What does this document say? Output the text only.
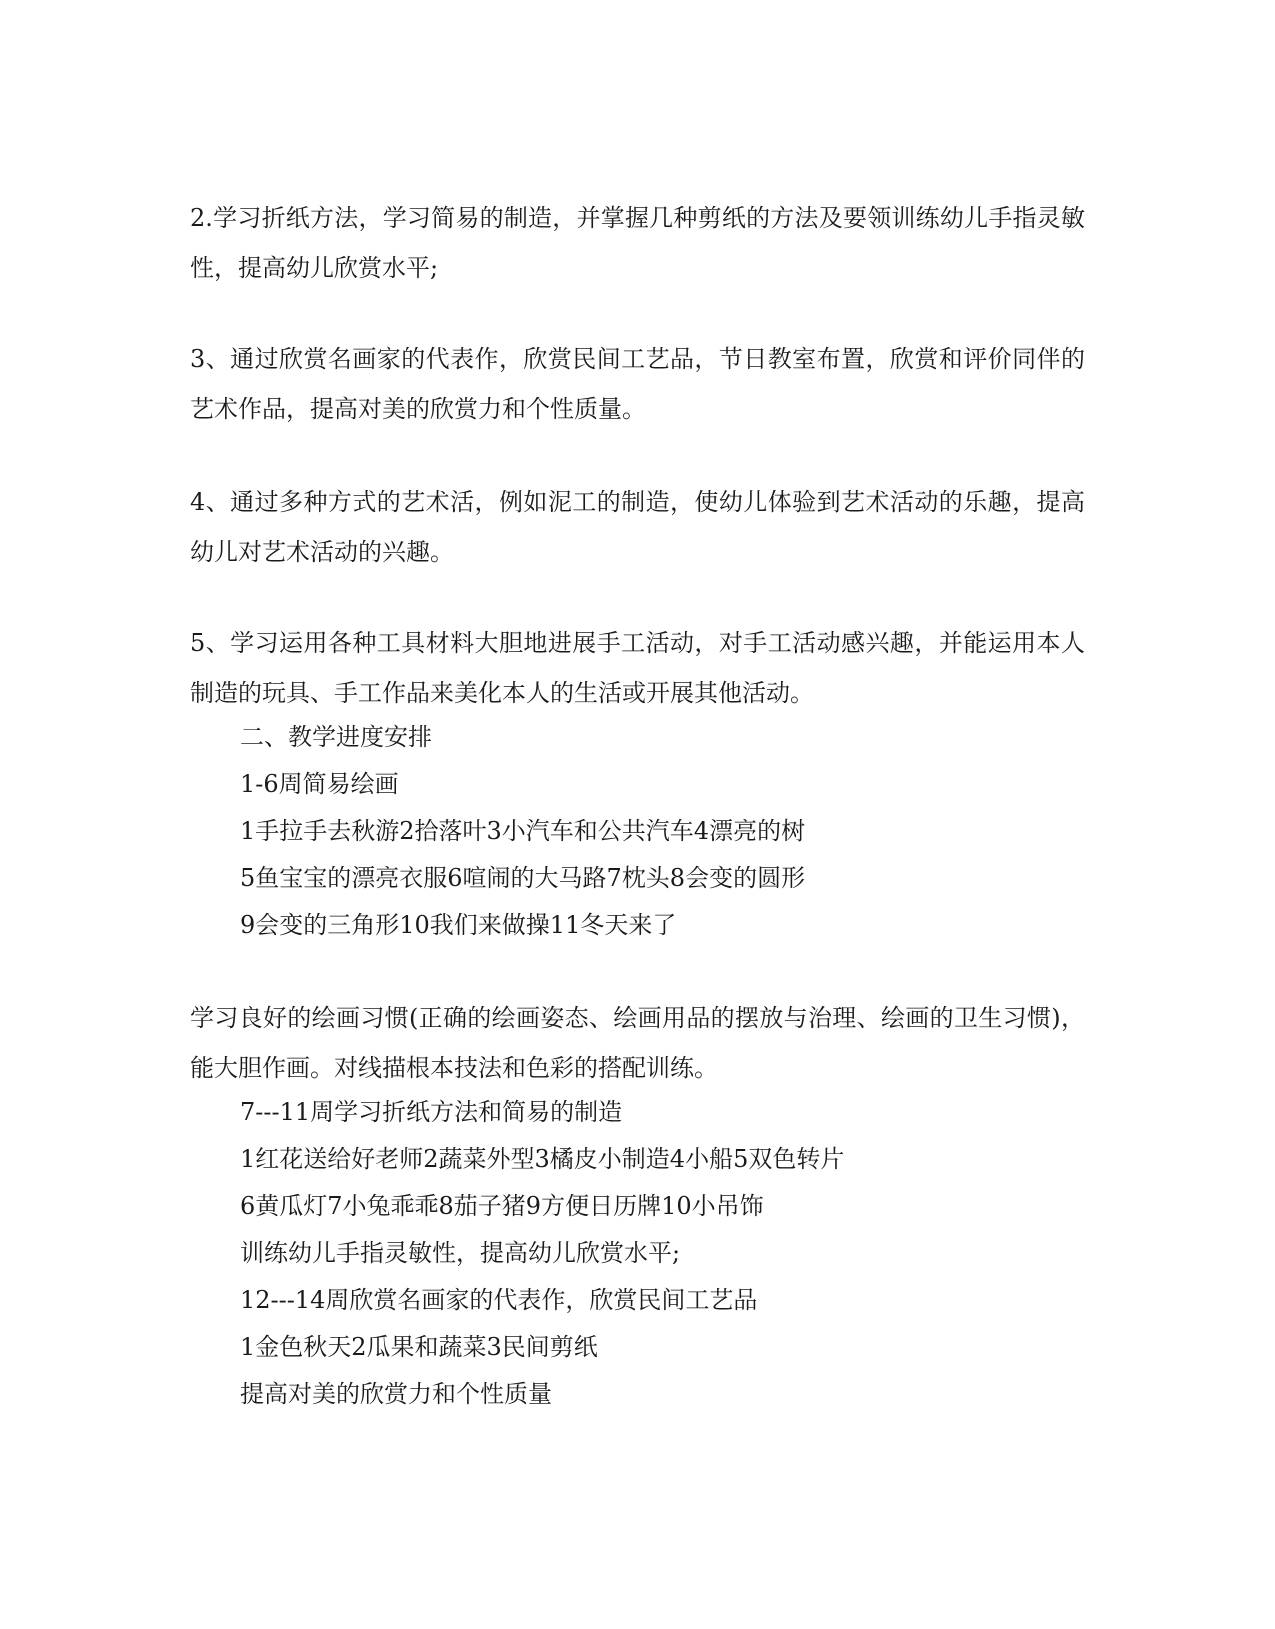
2.学习折纸方法，学习简易的制造，并掌握几种剪纸的方法及要领训练幼儿手指灵敏性，提高幼儿欣赏水平;

3、通过欣赏名画家的代表作，欣赏民间工艺品，节日教室布置，欣赏和评价同伴的艺术作品，提高对美的欣赏力和个性质量。

4、通过多种方式的艺术活，例如泥工的制造，使幼儿体验到艺术活动的乐趣，提高幼儿对艺术活动的兴趣。

5、学习运用各种工具材料大胆地进展手工活动，对手工活动感兴趣，并能运用本人制造的玩具、手工作品来美化本人的生活或开展其他活动。

二、教学进度安排

1-6周简易绘画

1手拉手去秋游2拾落叶3小汽车和公共汽车4漂亮的树

5鱼宝宝的漂亮衣服6喧闹的大马路7枕头8会变的圆形

9会变的三角形10我们来做操11冬天来了

学习良好的绘画习惯(正确的绘画姿态、绘画用品的摆放与治理、绘画的卫生习惯)，能大胆作画。对线描根本技法和色彩的搭配训练。

7---11周学习折纸方法和简易的制造

1红花送给好老师2蔬菜外型3橘皮小制造4小船5双色转片

6黄瓜灯7小兔乖乖8茄子猪9方便日历牌10小吊饰

训练幼儿手指灵敏性，提高幼儿欣赏水平;

12---14周欣赏名画家的代表作，欣赏民间工艺品

1金色秋天2瓜果和蔬菜3民间剪纸

提高对美的欣赏力和个性质量
